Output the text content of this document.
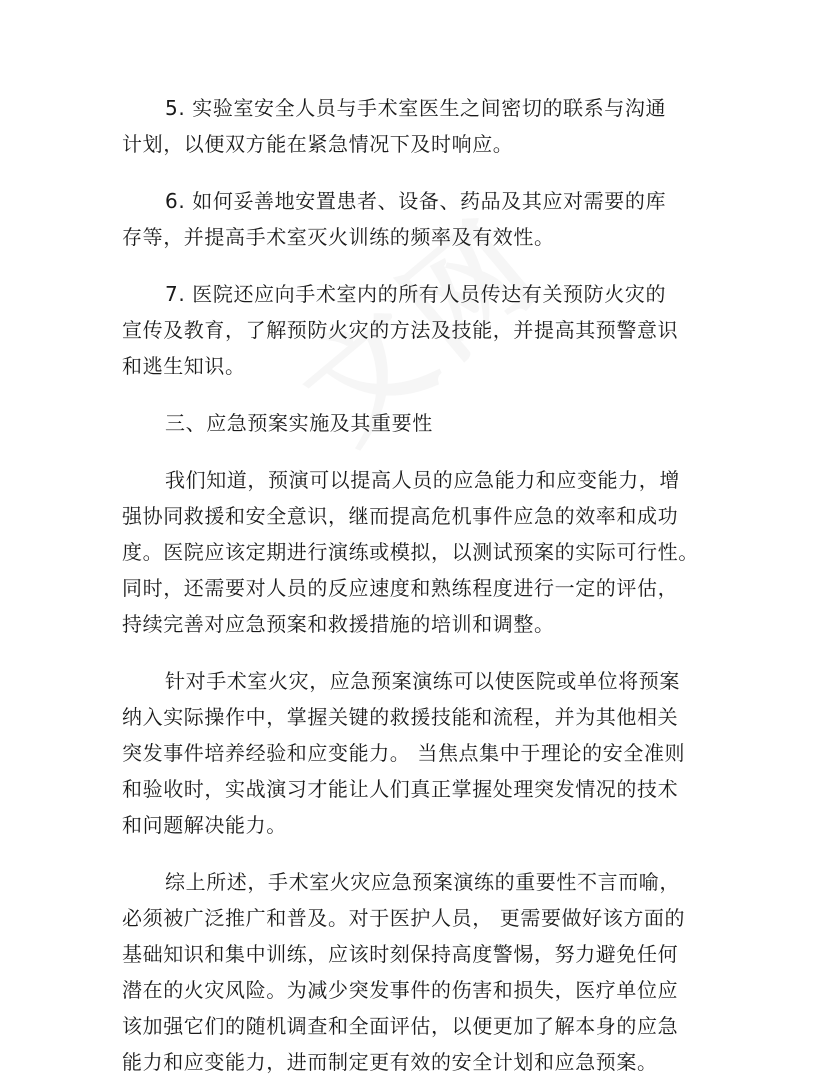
5. 实验室安全人员与手术室医生之间密切的联系与沟通
计划，以便双方能在紧急情况下及时响应。
6. 如何妥善地安置患者、设备、药品及其应对需要的库
存等，并提高手术室灭火训练的频率及有效性。
7. 医院还应向手术室内的所有人员传达有关预防火灾的
宣传及教育，了解预防火灾的方法及技能，并提高其预警意识
和逃生知识。
三、应急预案实施及其重要性
我们知道，预演可以提高人员的应急能力和应变能力，增
强协同救援和安全意识，继而提高危机事件应急的效率和成功
度。医院应该定期进行演练或模拟，以测试预案的实际可行性。
同时，还需要对人员的反应速度和熟练程度进行一定的评估，
持续完善对应急预案和救援措施的培训和调整。
针对手术室火灾，应急预案演练可以使医院或单位将预案
纳入实际操作中，掌握关键的救援技能和流程，并为其他相关
突发事件培养经验和应变能力。 当焦点集中于理论的安全准则
和验收时，实战演习才能让人们真正掌握处理突发情况的技术
和问题解决能力。
综上所述，手术室火灾应急预案演练的重要性不言而喻，
必须被广泛推广和普及。对于医护人员， 更需要做好该方面的
基础知识和集中训练，应该时刻保持高度警惕，努力避免任何
潜在的火灾风险。为减少突发事件的伤害和损失，医疗单位应
该加强它们的随机调查和全面评估，以便更加了解本身的应急
能力和应变能力，进而制定更有效的安全计划和应急预案。
